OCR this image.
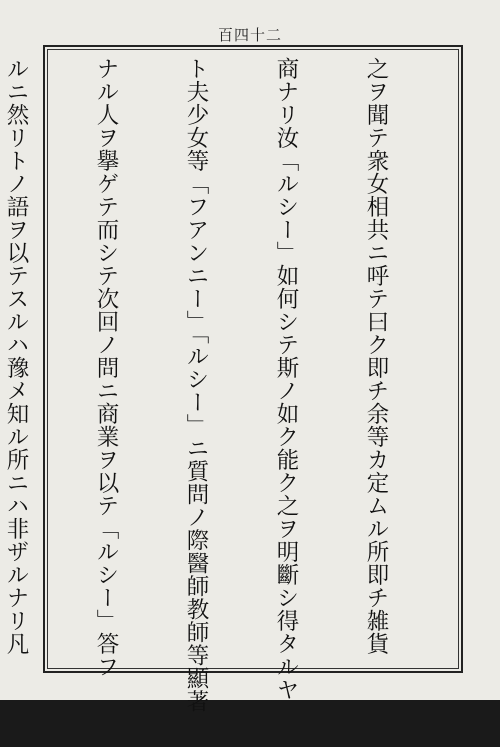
百四十二

之ヲ聞テ衆女相共ニ呼テ曰ク即チ余等カ定ムル所即チ雑貨

商ナリ汝「ルシー」如何シテ斯ノ如ク能ク之ヲ明斷シ得タルヤ

ト夫少女等「フアンニー」「ルシー」ニ質問ノ際醫師教師等顯著

ナル人ヲ擧ゲテ而シテ次回ノ問ニ商業ヲ以テ「ルシー」答フ

ルニ然リトノ語ヲ以テスルハ豫メ知ル所ニハ非ザルナリ凡
